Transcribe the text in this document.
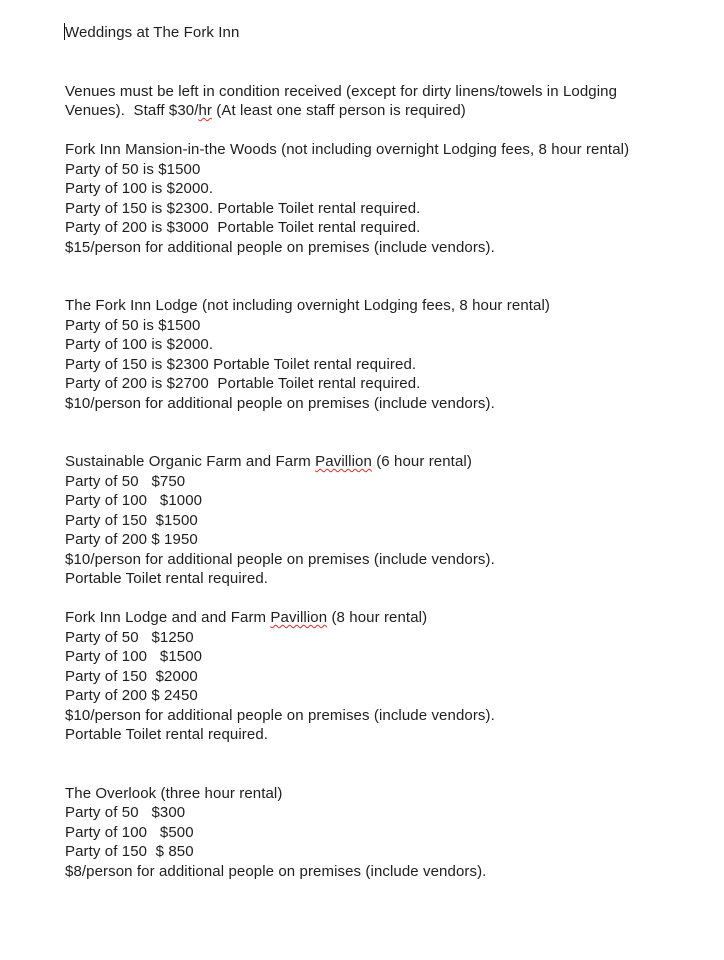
Weddings at The Fork Inn
Venues must be left in condition received (except for dirty linens/towels in Lodging
Venues).  Staff $30/hr (At least one staff person is required)
Fork Inn Mansion-in-the Woods (not including overnight Lodging fees, 8 hour rental)
Party of 50 is $1500
Party of 100 is $2000.
Party of 150 is $2300. Portable Toilet rental required.
Party of 200 is $3000  Portable Toilet rental required.
$15/person for additional people on premises (include vendors).
The Fork Inn Lodge (not including overnight Lodging fees, 8 hour rental)
Party of 50 is $1500
Party of 100 is $2000.
Party of 150 is $2300 Portable Toilet rental required.
Party of 200 is $2700  Portable Toilet rental required.
$10/person for additional people on premises (include vendors).
Sustainable Organic Farm and Farm Pavillion (6 hour rental)
Party of 50   $750
Party of 100   $1000
Party of 150  $1500
Party of 200 $ 1950
$10/person for additional people on premises (include vendors).
Portable Toilet rental required.
Fork Inn Lodge and and Farm Pavillion (8 hour rental)
Party of 50   $1250
Party of 100   $1500
Party of 150  $2000
Party of 200 $ 2450
$10/person for additional people on premises (include vendors).
Portable Toilet rental required.
The Overlook (three hour rental)
Party of 50   $300
Party of 100   $500
Party of 150  $ 850
$8/person for additional people on premises (include vendors).
